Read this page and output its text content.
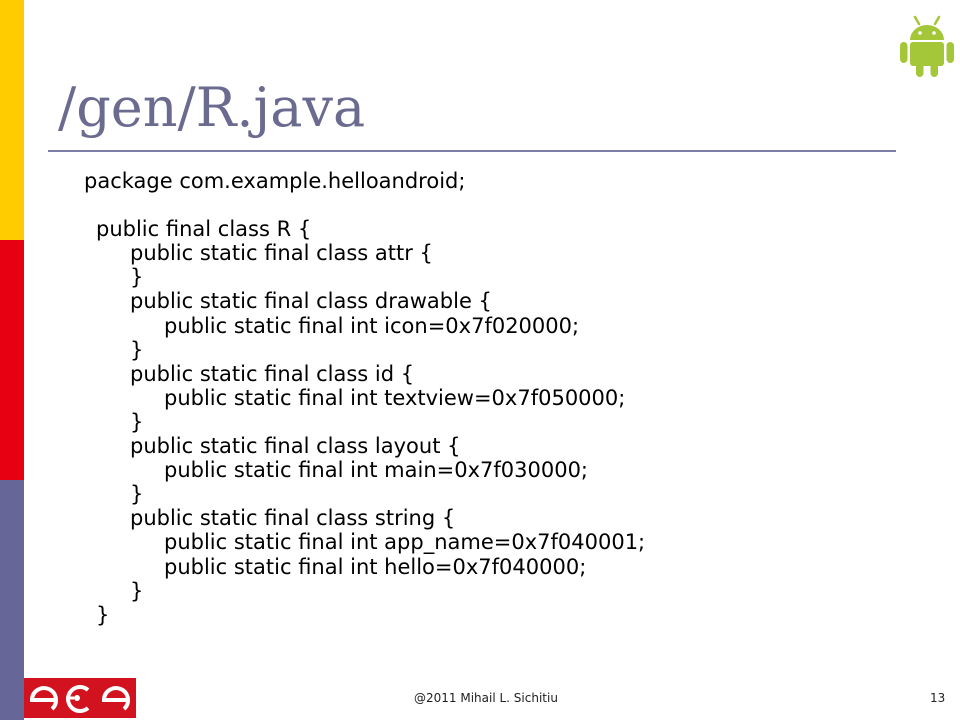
/gen/R.java
package com.example.helloandroid;
public final class R {
public static final class attr {
}
public static final class drawable {
public static final int icon=0x7f020000;
}
public static final class id {
public static final int textview=0x7f050000;
}
public static final class layout {
public static final int main=0x7f030000;
}
public static final class string {
public static final int app_name=0x7f040001;
public static final int hello=0x7f040000;
}
}
@2011 Mihail L. Sichitiu	13
